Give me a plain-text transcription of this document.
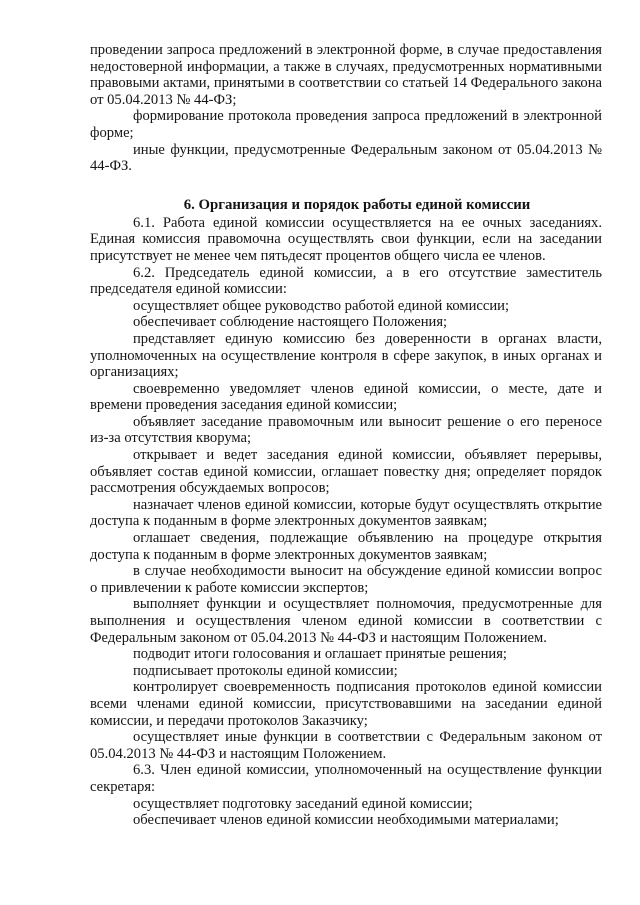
проведении запроса предложений в электронной форме, в случае предоставления недостоверной информации, а также в случаях, предусмотренных нормативными правовыми актами, принятыми в соответствии со статьей 14 Федерального закона от 05.04.2013 № 44-ФЗ;

формирование протокола проведения запроса предложений в электронной форме;

иные функции, предусмотренные Федеральным законом от 05.04.2013 № 44-ФЗ.

6. Организация и порядок работы единой комиссии

6.1. Работа единой комиссии осуществляется на ее очных заседаниях. Единая комиссия правомочна осуществлять свои функции, если на заседании присутствует не менее чем пятьдесят процентов общего числа ее членов.

6.2. Председатель единой комиссии, а в его отсутствие заместитель председателя единой комиссии:

осуществляет общее руководство работой единой комиссии;

обеспечивает соблюдение настоящего Положения;

представляет единую комиссию без доверенности в органах власти, уполномоченных на осуществление контроля в сфере закупок, в иных органах и организациях;

своевременно уведомляет членов единой комиссии, о месте, дате и времени проведения заседания единой комиссии;

объявляет заседание правомочным или выносит решение о его переносе из-за отсутствия кворума;

открывает и ведет заседания единой комиссии, объявляет перерывы, объявляет состав единой комиссии, оглашает повестку дня; определяет порядок рассмотрения обсуждаемых вопросов;

назначает членов единой комиссии, которые будут осуществлять открытие доступа к поданным в форме электронных документов заявкам;

оглашает сведения, подлежащие объявлению на процедуре открытия доступа к поданным в форме электронных документов заявкам;

в случае необходимости выносит на обсуждение единой комиссии вопрос о привлечении к работе комиссии экспертов;

выполняет функции и осуществляет полномочия, предусмотренные для выполнения и осуществления членом единой комиссии в соответствии с Федеральным законом от 05.04.2013 № 44-ФЗ и настоящим Положением.

подводит итоги голосования и оглашает принятые решения;

подписывает протоколы единой комиссии;

контролирует своевременность подписания протоколов единой комиссии всеми членами единой комиссии, присутствовавшими на заседании единой комиссии, и передачи протоколов Заказчику;

осуществляет иные функции в соответствии с Федеральным законом от 05.04.2013 № 44-ФЗ и настоящим Положением.

6.3. Член единой комиссии, уполномоченный на осуществление функции секретаря:

осуществляет подготовку заседаний единой комиссии;

обеспечивает членов единой комиссии необходимыми материалами;
